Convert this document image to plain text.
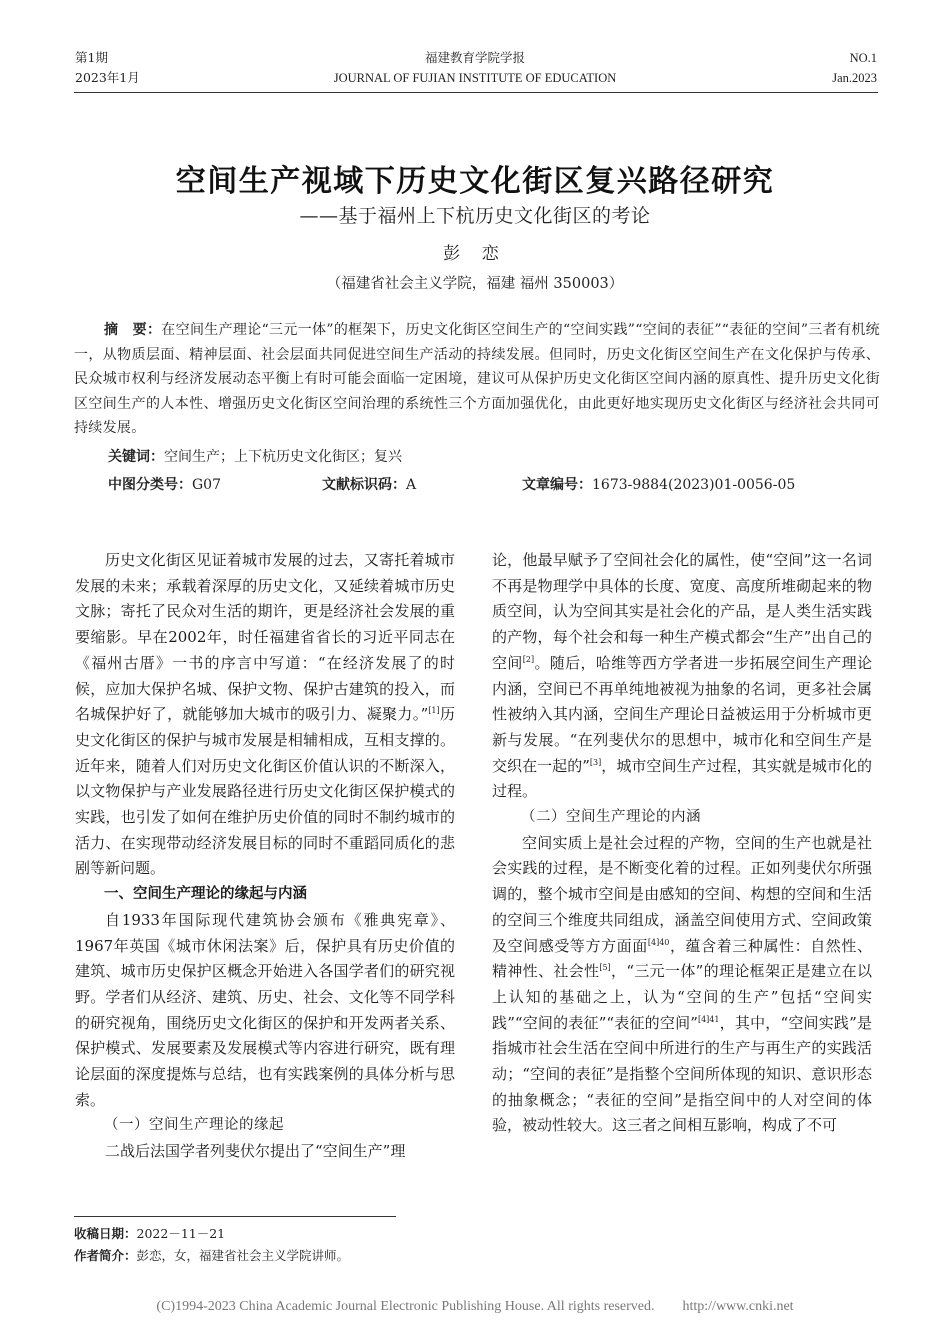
第1期
2023年1月
福建教育学院学报
JOURNAL OF FUJIAN INSTITUTE OF EDUCATION
NO.1
Jan.2023
空间生产视域下历史文化街区复兴路径研究
——基于福州上下杭历史文化街区的考论
彭 恋
（福建省社会主义学院，福建 福州 350003）
摘　要：在空间生产理论“三元一体”的框架下，历史文化街区空间生产的“空间实践”“空间的表征”“表征的空间”三者有机统一，从物质层面、精神层面、社会层面共同促进空间生产活动的持续发展。但同时，历史文化街区空间生产在文化保护与传承、民众城市权利与经济发展动态平衡上有时可能会面临一定困境，建议可从保护历史文化街区空间内涵的原真性、提升历史文化街区空间生产的人本性、增强历史文化街区空间治理的系统性三个方面加强优化，由此更好地实现历史文化街区与经济社会共同可持续发展。
关键词：空间生产；上下杭历史文化街区；复兴
中图分类号：G07	文献标识码：A	文章编号：1673-9884(2023)01-0056-05

历史文化街区见证着城市发展的过去，又寄托着城市发展的未来；承载着深厚的历史文化，又延续着城市历史文脉；寄托了民众对生活的期许，更是经济社会发展的重要缩影。早在2002年，时任福建省省长的习近平同志在《福州古厝》一书的序言中写道：“在经济发展了的时候，应加大保护名城、保护文物、保护古建筑的投入，而名城保护好了，就能够加大城市的吸引力、凝聚力。”[1]历史文化街区的保护与城市发展是相辅相成，互相支撑的。近年来，随着人们对历史文化街区价值认识的不断深入，以文物保护与产业发展路径进行历史文化街区保护模式的实践，也引发了如何在维护历史价值的同时不制约城市的活力、在实现带动经济发展目标的同时不重蹈同质化的悲剧等新问题。

一、空间生产理论的缘起与内涵

自1933年国际现代建筑协会颁布《雅典宪章》、1967年英国《城市休闲法案》后，保护具有历史价值的建筑、城市历史保护区概念开始进入各国学者们的研究视野。学者们从经济、建筑、历史、社会、文化等不同学科的研究视角，围绕历史文化街区的保护和开发两者关系、保护模式、发展要素及发展模式等内容进行研究，既有理论层面的深度提炼与总结，也有实践案例的具体分析与思索。

（一）空间生产理论的缘起

二战后法国学者列斐伏尔提出了“空间生产”理

论，他最早赋予了空间社会化的属性，使“空间”这一名词不再是物理学中具体的长度、宽度、高度所堆砌起来的物质空间，认为空间其实是社会化的产品，是人类生活实践的产物，每个社会和每一种生产模式都会“生产”出自己的空间[2]。随后，哈维等西方学者进一步拓展空间生产理论内涵，空间已不再单纯地被视为抽象的名词，更多社会属性被纳入其内涵，空间生产理论日益被运用于分析城市更新与发展。“在列斐伏尔的思想中，城市化和空间生产是交织在一起的”[3]，城市空间生产过程，其实就是城市化的过程。

（二）空间生产理论的内涵

空间实质上是社会过程的产物，空间的生产也就是社会实践的过程，是不断变化着的过程。正如列斐伏尔所强调的，整个城市空间是由感知的空间、构想的空间和生活的空间三个维度共同组成，涵盖空间使用方式、空间政策及空间感受等方方面面$^{[4]40}$，蕴含着三种属性：自然性、精神性、社会性[5]，“三元一体”的理论框架正是建立在以上认知的基础之上，认为“空间的生产”包括“空间实践”“空间的表征”“表征的空间”$^{[4]41}$，其中，“空间实践”是指城市社会生活在空间中所进行的生产与再生产的实践活动；“空间的表征”是指整个空间所体现的知识、意识形态的抽象概念；“表征的空间”是指空间中的人对空间的体验，被动性较大。这三者之间相互影响，构成了不可

收稿日期：2022－11－21
作者简介：彭恋，女，福建省社会主义学院讲师。
(C)1994-2023 China Academic Journal Electronic Publishing House. All rights reserved.　　http://www.cnki.net
